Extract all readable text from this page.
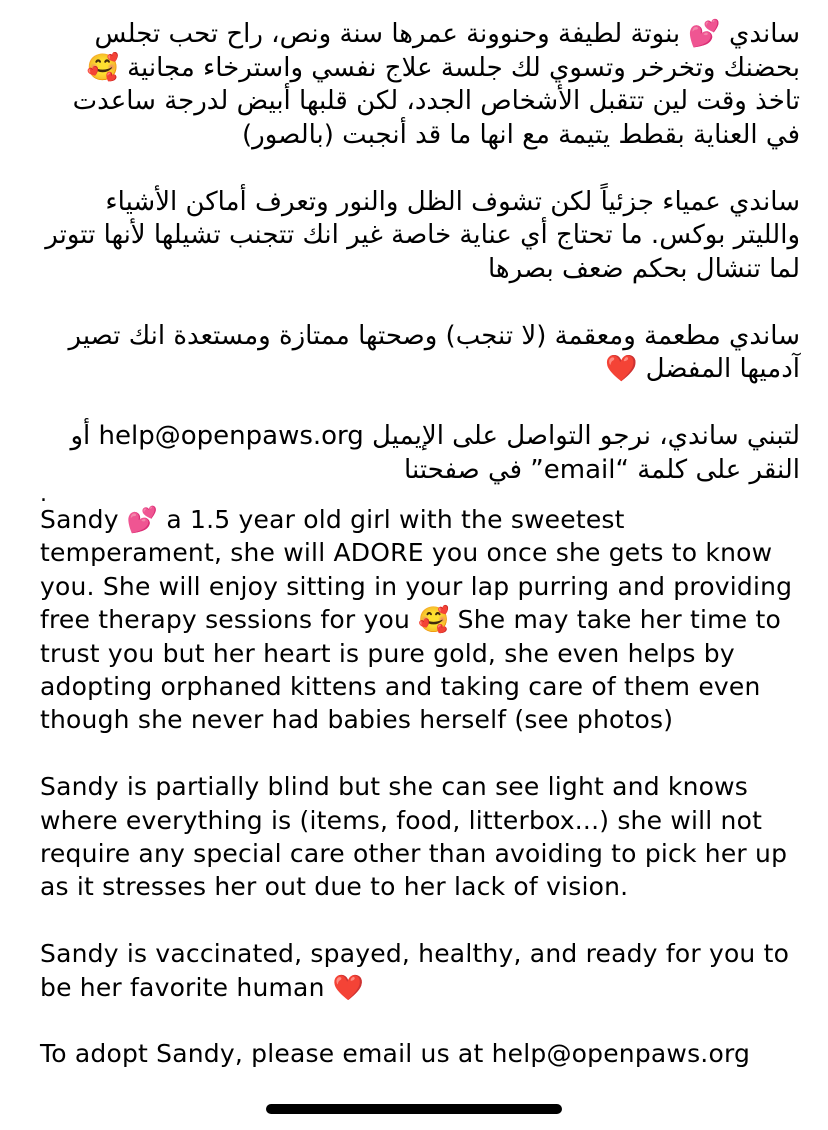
ساندي 💕 بنوتة لطيفة وحنوونة عمرها سنة ونص، راح تحب تجلس بحضنك وتخرخر وتسوي لك جلسة علاج نفسي واسترخاء مجانية 🥰 تاخذ وقت لين تتقبل الأشخاص الجدد، لكن قلبها أبيض لدرجة ساعدت في العناية بقطط يتيمة مع انها ما قد أنجبت (بالصور)

ساندي عمياء جزئياً لكن تشوف الظل والنور وتعرف أماكن الأشياء والليتر بوكس. ما تحتاج أي عناية خاصة غير انك تتجنب تشيلها لأنها تتوتر لما تنشال بحكم ضعف بصرها

ساندي مطعمة ومعقمة (لا تنجب) وصحتها ممتازة ومستعدة انك تصير آدميها المفضل ❤️

لتبني ساندي، نرجو التواصل على الإيميل help@openpaws.org أو النقر على كلمة “email” في صفحتنا

.

Sandy 💕 a 1.5 year old girl with the sweetest temperament, she will ADORE you once she gets to know you. She will enjoy sitting in your lap purring and providing free therapy sessions for you 🥰 She may take her time to trust you but her heart is pure gold, she even helps by adopting orphaned kittens and taking care of them even though she never had babies herself (see photos)

Sandy is partially blind but she can see light and knows where everything is (items, food, litterbox...) she will not require any special care other than avoiding to pick her up as it stresses her out due to her lack of vision.

Sandy is vaccinated, spayed, healthy, and ready for you to be her favorite human ❤️

To adopt Sandy, please email us at help@openpaws.org
